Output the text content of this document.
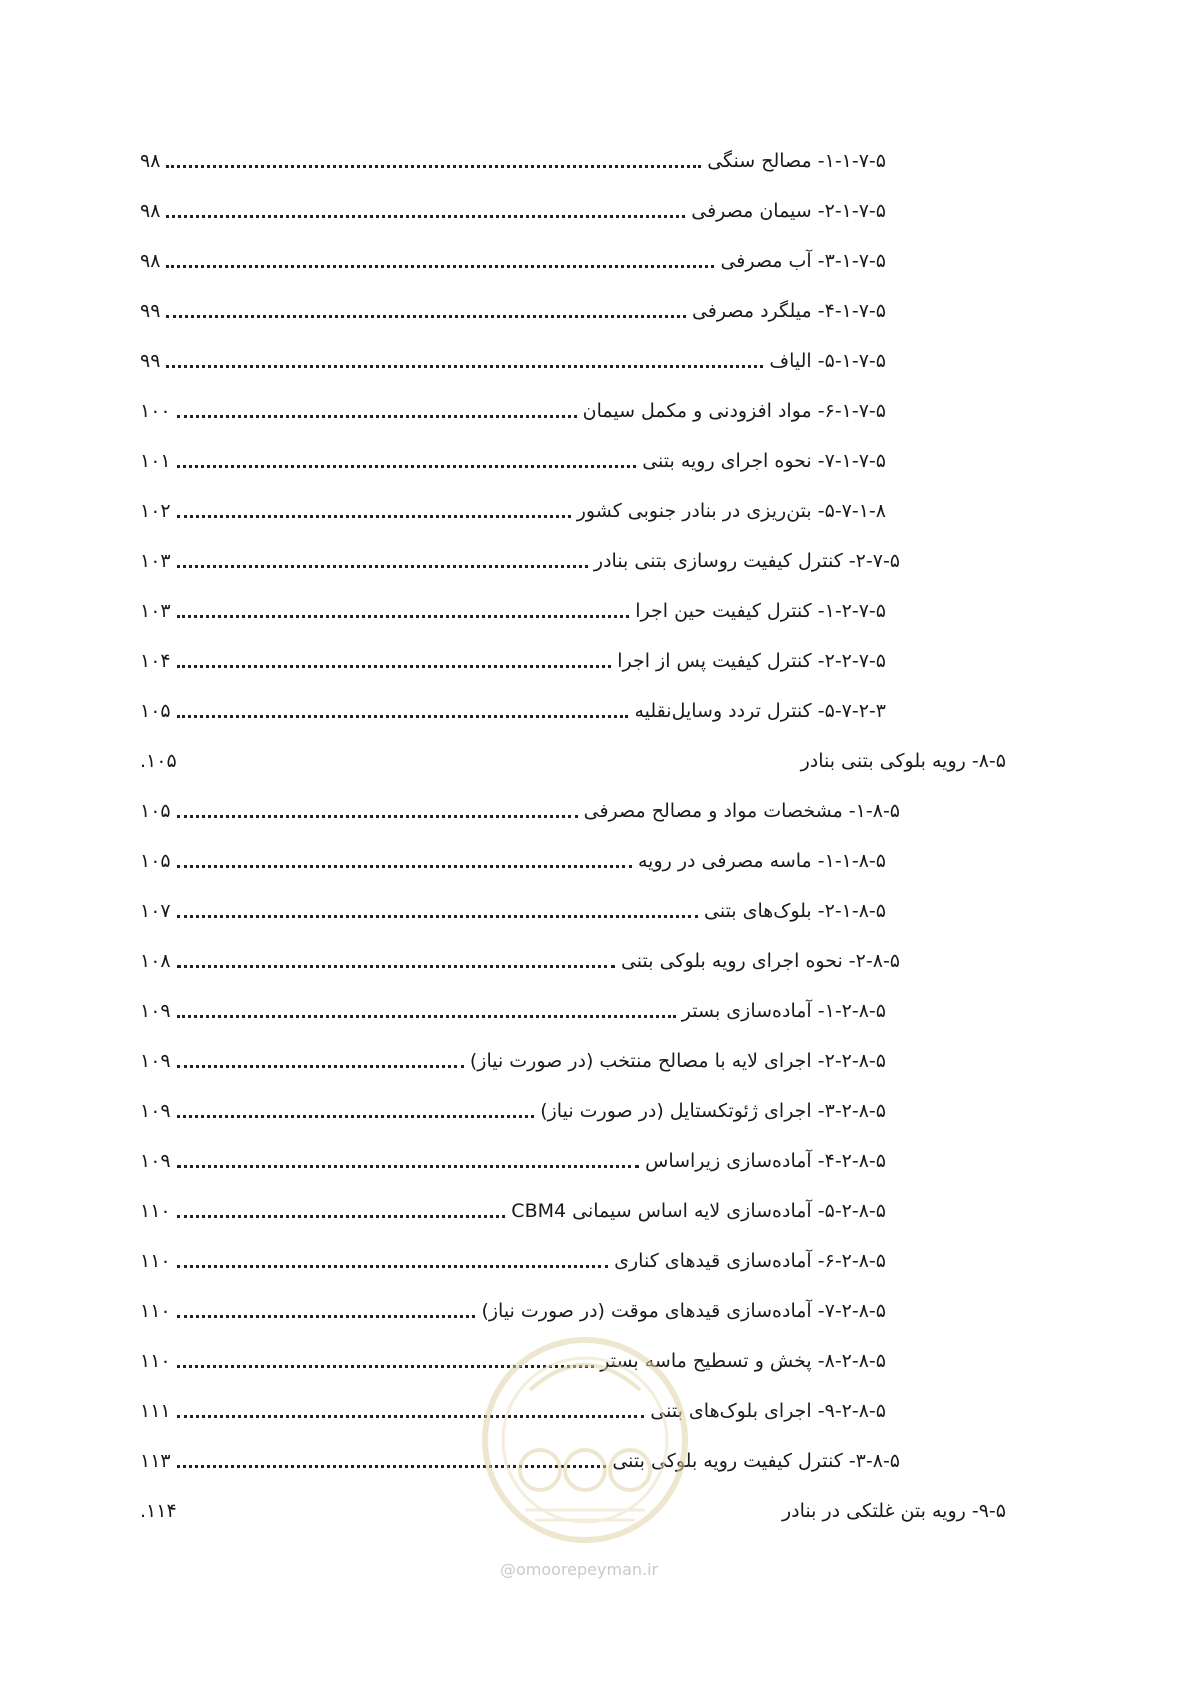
۱-۱-۷-۵- مصالح سنگی
۹۸
۲-۱-۷-۵- سیمان مصرفی
۹۸
۳-۱-۷-۵- آب مصرفی
۹۸
۴-۱-۷-۵- میلگرد مصرفی
۹۹
۵-۱-۷-۵- الیاف
۹۹
۶-۱-۷-۵- مواد افزودنی و مکمل سیمان
۱۰۰
۷-۱-۷-۵- نحوه اجرای رویه بتنی
۱۰۱
۵-۷-۱-۸- بتن‌ریزی در بنادر جنوبی کشور
۱۰۲
۲-۷-۵- کنترل کیفیت روسازی بتنی بنادر
۱۰۳
۱-۲-۷-۵- کنترل کیفیت حین اجرا
۱۰۳
۲-۲-۷-۵- کنترل کیفیت پس از اجرا
۱۰۴
۵-۷-۲-۳- کنترل تردد وسایل‌نقلیه
۱۰۵
۸-۵- رویه بلوکی بتنی بنادر
۱۰۵.
۱-۸-۵- مشخصات مواد و مصالح مصرفی
۱۰۵
۱-۱-۸-۵- ماسه مصرفی در رویه
۱۰۵
۲-۱-۸-۵- بلوک‌های بتنی
۱۰۷
۲-۸-۵- نحوه اجرای رویه بلوکی بتنی
۱۰۸
۱-۲-۸-۵- آماده‌سازی بستر
۱۰۹
۲-۲-۸-۵- اجرای لایه با مصالح منتخب (در صورت نیاز)
۱۰۹
۳-۲-۸-۵- اجرای ژئوتکستایل (در صورت نیاز)
۱۰۹
۴-۲-۸-۵- آماده‌سازی زیراساس
۱۰۹
۵-۲-۸-۵- آماده‌سازی لایه اساس سیمانی CBM4
۱۱۰
۶-۲-۸-۵- آماده‌سازی قیدهای کناری
۱۱۰
۷-۲-۸-۵- آماده‌سازی قیدهای موقت (در صورت نیاز)
۱۱۰
۸-۲-۸-۵- پخش و تسطیح ماسه بستر
۱۱۰
۹-۲-۸-۵- اجرای بلوک‌های بتنی
۱۱۱
۳-۸-۵- کنترل کیفیت رویه بلوکی بتنی
۱۱۳
۹-۵- رویه بتن غلتکی در بنادر
۱۱۴.
@omoorepeyman.ir
